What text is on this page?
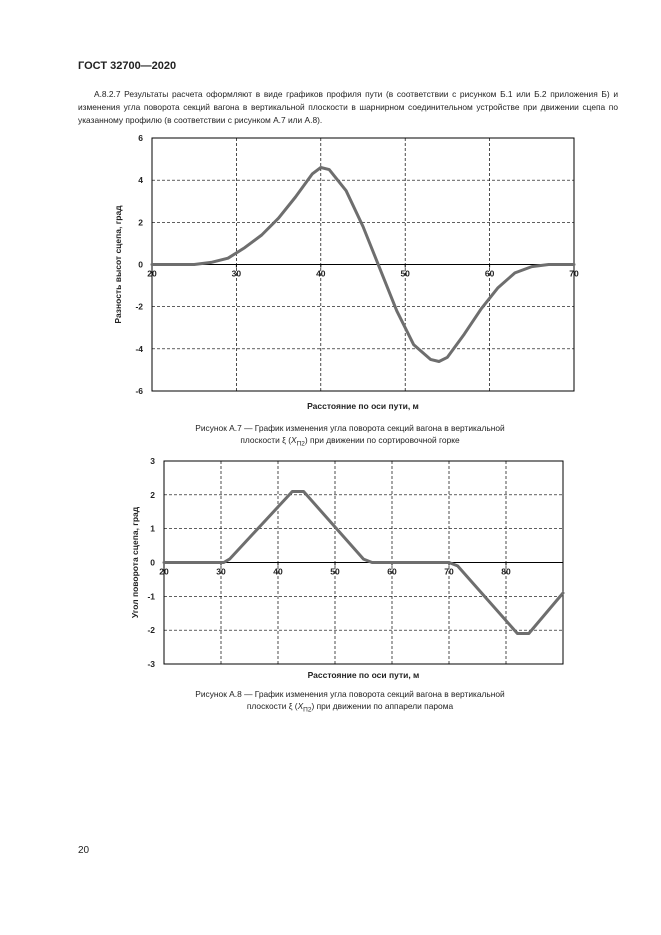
ГОСТ 32700—2020
А.8.2.7 Результаты расчета оформляют в виде графиков профиля пути (в соответствии с рисунком Б.1 или Б.2 приложения Б) и изменения угла поворота секций вагона в вертикальной плоскости в шарнирном соединительном устройстве при движении сцепа по указанному профилю (в соответствии с рисунком А.7 или А.8).
20	30	40	50	60	70
6
4
2
0
-2
-4
-6
Расстояние по оси пути, м
Разность высот сцепа, град
20	30	40	50	60	70	80
3
2
1
0
-1
-2
-3
Расстояние по оси пути, м
Угол поворота сцепа, град
Рисунок А.7 — График изменения угла поворота секций вагона в вертикальной
плоскости ξ $(X_{П2})$ при движении по сортировочной горке
Рисунок А.8 — График изменения угла поворота секций вагона в вертикальной
плоскости ξ $(X_{П2})$ при движении по аппарели парома
20
